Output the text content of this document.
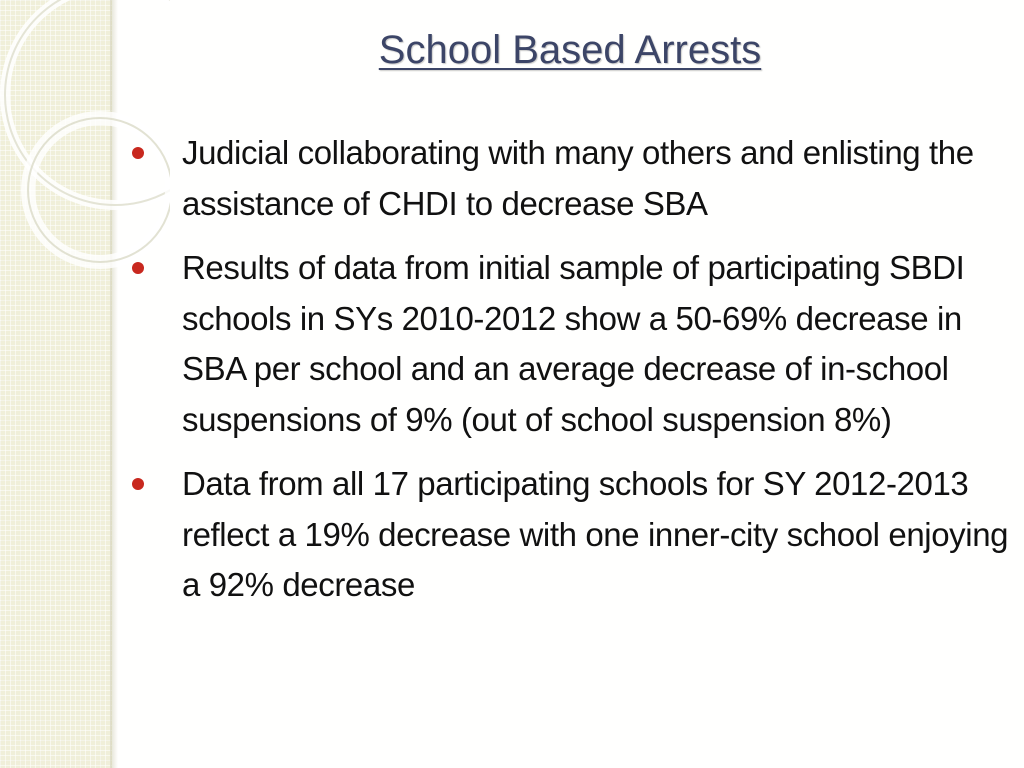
School Based Arrests
Judicial collaborating with many others and enlisting the assistance of CHDI to decrease SBA
Results of data from initial sample of participating SBDI schools in SYs 2010-2012 show a 50-69% decrease in SBA per school and an average decrease of in-school suspensions of 9% (out of school suspension 8%)
Data from all 17 participating schools for SY 2012-2013 reflect a 19% decrease with one inner-city school enjoying a 92% decrease
